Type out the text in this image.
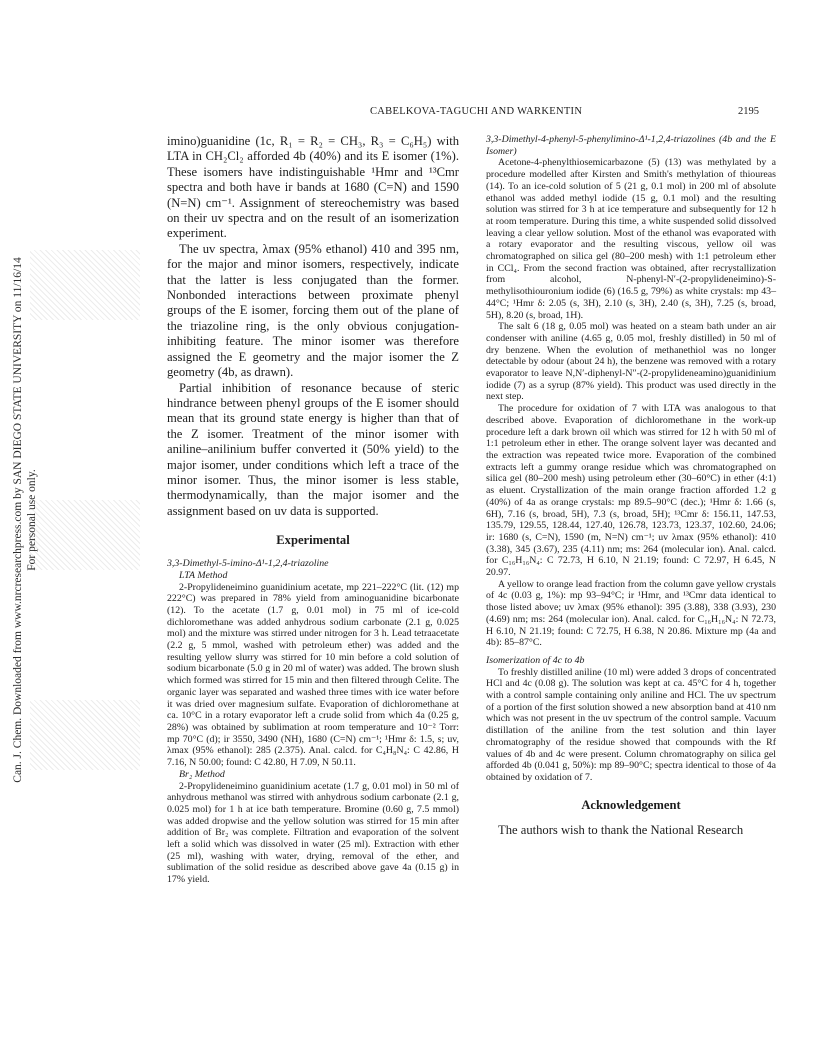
CABELKOVA-TAGUCHI AND WARKENTIN	2195
Can. J. Chem. Downloaded from www.nrcresearchpress.com by SAN DIEGO STATE UNIVERSITY on 11/16/14 For personal use only.

imino)guanidine (1c, R₁ = R₂ = CH₃, R₃ = C₆H₅) with LTA in CH₂Cl₂ afforded 4b (40%) and its E isomer (1%). These isomers have indistinguishable ¹Hmr and ¹³Cmr spectra and both have ir bands at 1680 (C=N) and 1590 (N=N) cm⁻¹. Assignment of stereochemistry was based on their uv spectra and on the result of an isomerization experiment.

The uv spectra, λmax (95% ethanol) 410 and 395 nm, for the major and minor isomers, respectively, indicate that the latter is less conjugated than the former. Nonbonded interactions between proximate phenyl groups of the E isomer, forcing them out of the plane of the triazoline ring, is the only obvious conjugation-inhibiting feature. The minor isomer was therefore assigned the E geometry and the major isomer the Z geometry (4b, as drawn).

Partial inhibition of resonance because of steric hindrance between phenyl groups of the E isomer should mean that its ground state energy is higher than that of the Z isomer. Treatment of the minor isomer with aniline–anilinium buffer converted it (50% yield) to the major isomer, under conditions which left a trace of the minor isomer. Thus, the minor isomer is less stable, thermodynamically, than the major isomer and the assignment based on uv data is supported.

Experimental

3,3-Dimethyl-5-imino-Δ¹-1,2,4-triazoline

LTA Method

2-Propylideneimino guanidinium acetate, mp 221–222°C (lit. (12) mp 222°C) was prepared in 78% yield from aminoguanidine bicarbonate (12). To the acetate (1.7 g, 0.01 mol) in 75 ml of ice-cold dichloromethane was added anhydrous sodium carbonate (2.1 g, 0.025 mol) and the mixture was stirred under nitrogen for 3 h. Lead tetraacetate (2.2 g, 5 mmol, washed with petroleum ether) was added and the resulting yellow slurry was stirred for 10 min before a cold solution of sodium bicarbonate (5.0 g in 20 ml of water) was added. The brown slush which formed was stirred for 15 min and then filtered through Celite. The organic layer was separated and washed three times with ice water before it was dried over magnesium sulfate. Evaporation of dichloromethane at ca. 10°C in a rotary evaporator left a crude solid from which 4a (0.25 g, 28%) was obtained by sublimation at room temperature and 10⁻² Torr: mp 70°C (d); ir 3550, 3490 (NH), 1680 (C=N) cm⁻¹; ¹Hmr δ: 1.5, s; uv, λmax (95% ethanol): 285 (2.375). Anal. calcd. for C₄H₈N₄: C 42.86, H 7.16, N 50.00; found: C 42.80, H 7.09, N 50.11.

Br₂ Method

2-Propylideneimino guanidinium acetate (1.7 g, 0.01 mol) in 50 ml of anhydrous methanol was stirred with anhydrous sodium carbonate (2.1 g, 0.025 mol) for 1 h at ice bath temperature. Bromine (0.60 g, 7.5 mmol) was added dropwise and the yellow solution was stirred for 15 min after addition of Br₂ was complete. Filtration and evaporation of the solvent left a solid which was dissolved in water (25 ml). Extraction with ether (25 ml), washing with water, drying, removal of the ether, and sublimation of the solid residue as described above gave 4a (0.15 g) in 17% yield.

3,3-Dimethyl-4-phenyl-5-phenylimino-Δ¹-1,2,4-triazolines (4b and the E Isomer)

Acetone-4-phenylthiosemicarbazone (5) (13) was methylated by a procedure modelled after Kirsten and Smith's methylation of thioureas (14). To an ice-cold solution of 5 (21 g, 0.1 mol) in 200 ml of absolute ethanol was added methyl iodide (15 g, 0.1 mol) and the resulting solution was stirred for 3 h at ice temperature and subsequently for 12 h at room temperature. During this time, a white suspended solid dissolved leaving a clear yellow solution. Most of the ethanol was evaporated with a rotary evaporator and the resulting viscous, yellow oil was chromatographed on silica gel (80–200 mesh) with 1:1 petroleum ether in CCl₄. From the second fraction was obtained, after recrystallization from alcohol, N-phenyl-N′-(2-propylideneimino)-S-methylisothiouronium iodide (6) (16.5 g, 79%) as white crystals: mp 43–44°C; ¹Hmr δ: 2.05 (s, 3H), 2.10 (s, 3H), 2.40 (s, 3H), 7.25 (s, broad, 5H), 8.20 (s, broad, 1H).

The salt 6 (18 g, 0.05 mol) was heated on a steam bath under an air condenser with aniline (4.65 g, 0.05 mol, freshly distilled) in 50 ml of dry benzene. When the evolution of methanethiol was no longer detectable by odour (about 24 h), the benzene was removed with a rotary evaporator to leave N,N′-diphenyl-N″-(2-propylideneamino)guanidinium iodide (7) as a syrup (87% yield). This product was used directly in the next step.

The procedure for oxidation of 7 with LTA was analogous to that described above. Evaporation of dichloromethane in the work-up procedure left a dark brown oil which was stirred for 12 h with 50 ml of 1:1 petroleum ether in ether. The orange solvent layer was decanted and the extraction was repeated twice more. Evaporation of the combined extracts left a gummy orange residue which was chromatographed on silica gel (80–200 mesh) using petroleum ether (30–60°C) in ether (4:1) as eluent. Crystallization of the main orange fraction afforded 1.2 g (40%) of 4a as orange crystals: mp 89.5–90°C (dec.); ¹Hmr δ: 1.66 (s, 6H), 7.16 (s, broad, 5H), 7.3 (s, broad, 5H); ¹³Cmr δ: 156.11, 147.53, 135.79, 129.55, 128.44, 127.40, 126.78, 123.73, 123.37, 102.60, 24.06; ir: 1680 (s, C=N), 1590 (m, N=N) cm⁻¹; uv λmax (95% ethanol): 410 (3.38), 345 (3.67), 235 (4.11) nm; ms: 264 (molecular ion). Anal. calcd. for C₁₆H₁₆N₄: C 72.73, H 6.10, N 21.19; found: C 72.97, H 6.45, N 20.97.

A yellow to orange lead fraction from the column gave yellow crystals of 4c (0.03 g, 1%): mp 93–94°C; ir ¹Hmr, and ¹³Cmr data identical to those listed above; uv λmax (95% ethanol): 395 (3.88), 338 (3.93), 230 (4.69) nm; ms: 264 (molecular ion). Anal. calcd. for C₁₆H₁₆N₄: N 72.73, H 6.10, N 21.19; found: C 72.75, H 6.38, N 20.86. Mixture mp (4a and 4b): 85–87°C.

Isomerization of 4c to 4b

To freshly distilled aniline (10 ml) were added 3 drops of concentrated HCl and 4c (0.08 g). The solution was kept at ca. 45°C for 4 h, together with a control sample containing only aniline and HCl. The uv spectrum of a portion of the first solution showed a new absorption band at 410 nm which was not present in the uv spectrum of the control sample. Vacuum distillation of the aniline from the test solution and thin layer chromatography of the residue showed that compounds with the Rf values of 4b and 4c were present. Column chromatography on silica gel afforded 4b (0.041 g, 50%): mp 89–90°C; spectra identical to those of 4a obtained by oxidation of 7.

Acknowledgement

The authors wish to thank the National Research
